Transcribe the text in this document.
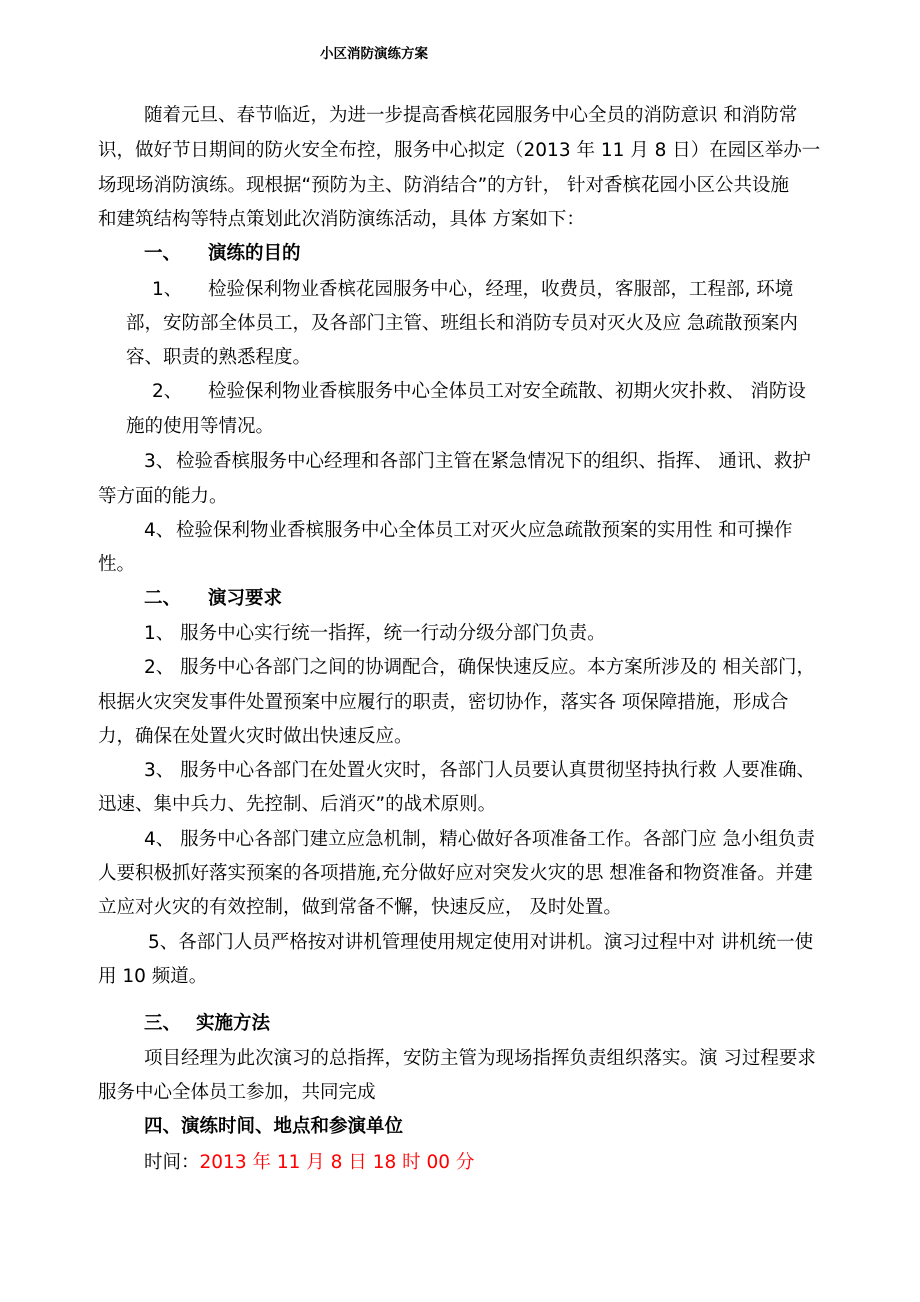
小区消防演练方案
随着元旦、春节临近，为进一步提高香槟花园服务中心全员的消防意识 和消防常
识，做好节日期间的防火安全布控，服务中心拟定（2013 年 11 月 8 日）在园区举办一
场现场消防演练。现根据“预防为主、防消结合”的方针， 针对香槟花园小区公共设施
和建筑结构等特点策划此次消防演练活动，具体 方案如下：
一、 演练的目的
1、 检验保利物业香槟花园服务中心，经理，收费员，客服部，工程部, 环境
部，安防部全体员工，及各部门主管、班组长和消防专员对灭火及应 急疏散预案内
容、职责的熟悉程度。
2、 检验保利物业香槟服务中心全体员工对安全疏散、初期火灾扑救、 消防设
施的使用等情况。
3、 检验香槟服务中心经理和各部门主管在紧急情况下的组织、指挥、 通讯、救护
等方面的能力。
4、 检验保利物业香槟服务中心全体员工对灭火应急疏散预案的实用性 和可操作
性。
二、 演习要求
1、 服务中心实行统一指挥，统一行动分级分部门负责。
2、 服务中心各部门之间的协调配合，确保快速反应。本方案所涉及的 相关部门，
根据火灾突发事件处置预案中应履行的职责，密切协作，落实各 项保障措施，形成合
力，确保在处置火灾时做出快速反应。
3、 服务中心各部门在处置火灾时，各部门人员要认真贯彻坚持执行救 人要准确、
迅速、集中兵力、先控制、后消灭”的战术原则。
4、 服务中心各部门建立应急机制，精心做好各项准备工作。各部门应 急小组负责
人要积极抓好落实预案的各项措施,充分做好应对突发火灾的思 想准备和物资准备。并建
立应对火灾的有效控制，做到常备不懈，快速反应， 及时处置。
5、各部门人员严格按对讲机管理使用规定使用对讲机。演习过程中对 讲机统一使
用 10 频道。
三、 实施方法
项目经理为此次演习的总指挥，安防主管为现场指挥负责组织落实。演 习过程要求
服务中心全体员工参加，共同完成
四、演练时间、地点和参演单位
时间：2013 年 11 月 8 日 18 时 00 分
